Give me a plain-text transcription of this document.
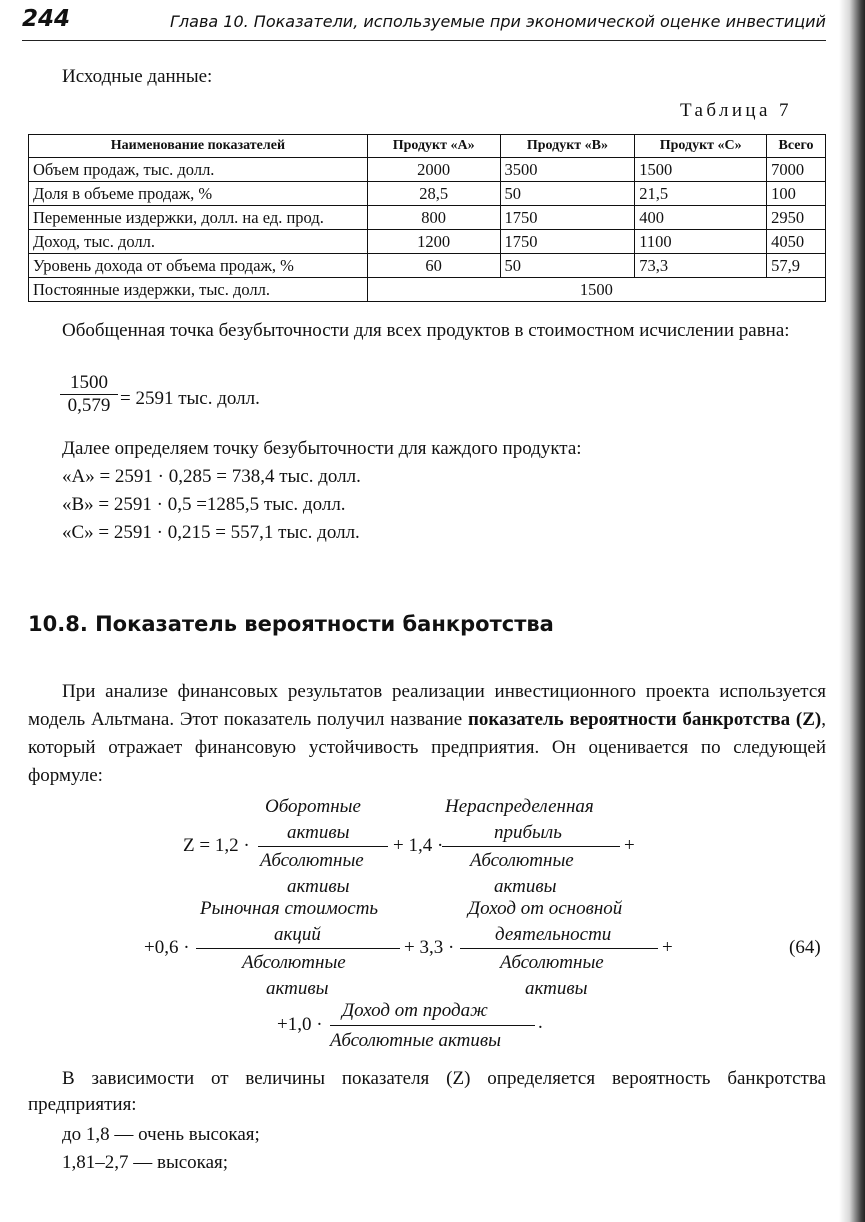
244	Глава 10. Показатели, используемые при экономической оценке инвестиций
Исходные данные:
Таблица 7
Наименование показателей	Продукт «А»	Продукт «В»	Продукт «С»	Всего
Объем продаж, тыс. долл.	2000	3500	1500	7000
Доля в объеме продаж, %	28,5	50	21,5	100
Переменные издержки, долл. на ед. прод.	800	1750	400	2950
Доход, тыс. долл.	1200	1750	1100	4050
Уровень дохода от объема продаж, %	60	50	73,3	57,9
Постоянные издержки, тыс. долл.	1500			
Обобщенная точка безубыточности для всех продуктов в стоимостном исчислении равна:
1500
0,579 = 2591 тыс. долл.
Далее определяем точку безубыточности для каждого продукта:
«А» = 2591 · 0,285 = 738,4 тыс. долл.
«В» = 2591 · 0,5 =1285,5 тыс. долл.
«С» = 2591 · 0,215 = 557,1 тыс. долл.
10.8. Показатель вероятности банкротства
При анализе финансовых результатов реализации инвестиционного проекта используется модель Альтмана. Этот показатель получил название показатель вероятности банкротства (Z), который отражает финансовую устойчивость предприятия. Он оценивается по следующей формуле:
Оборотные
активы
Абсолютные
активы
Z = 1,2 ·	+ 1,4 ·
Нераспределенная
прибыль
Абсолютные
активы
+
Рыночная стоимость
акций
Абсолютные
активы
+0,6 ·	+ 3,3 ·
Доход от основной
деятельности
Абсолютные
активы
+	(64)
+1,0 ·
Доход от продаж
Абсолютные активы
.
В зависимости от величины показателя (Z) определяется вероятность банкротства предприятия:
до 1,8 — очень высокая;
1,81–2,7 — высокая;
